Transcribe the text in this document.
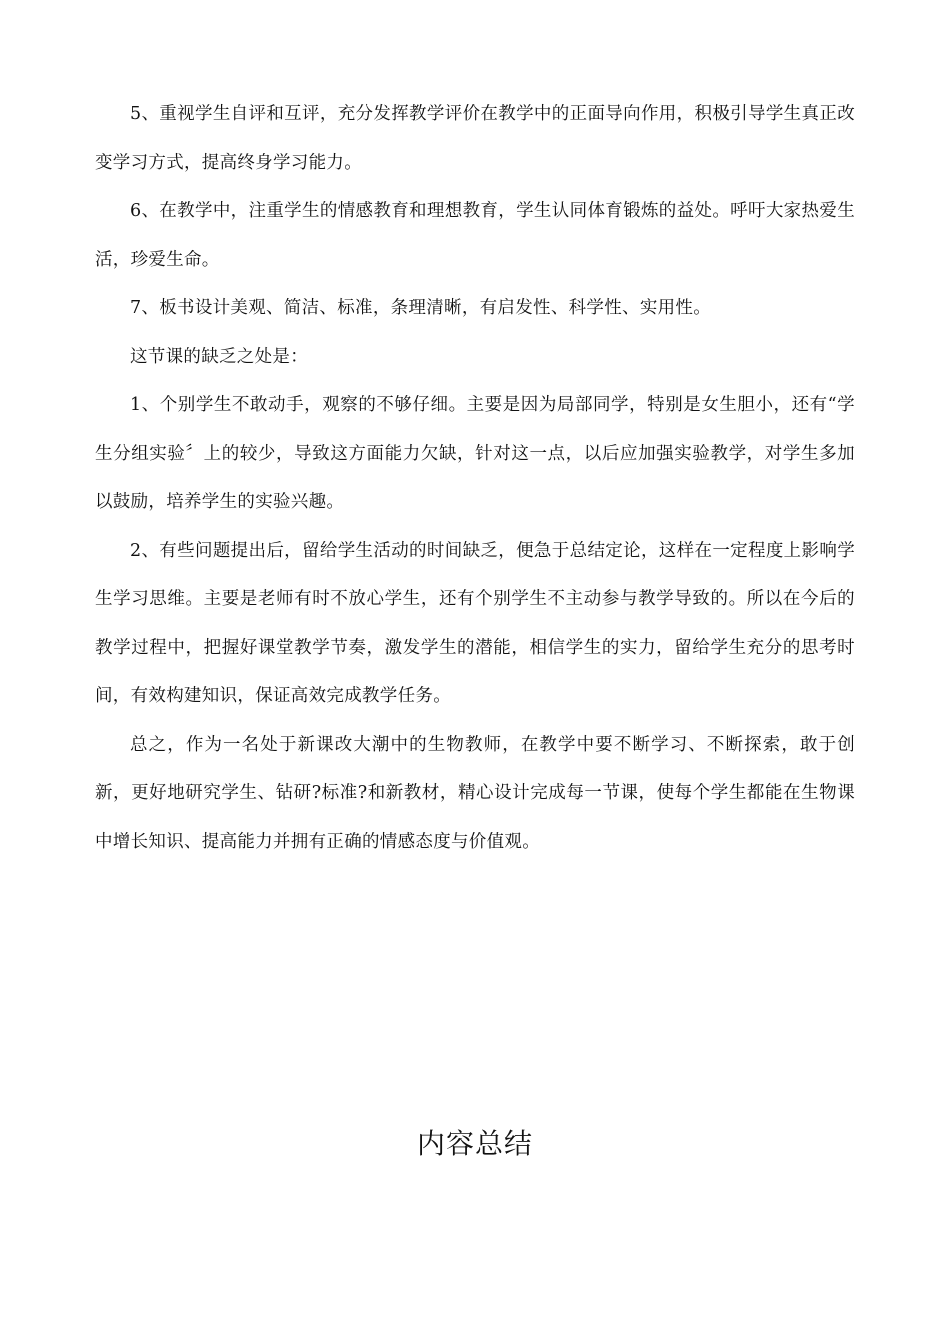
5、重视学生自评和互评，充分发挥教学评价在教学中的正面导向作用，积极引导学生真正改变学习方式，提高终身学习能力。

6、在教学中，注重学生的情感教育和理想教育，学生认同体育锻炼的益处。呼吁大家热爱生活，珍爱生命。

7、板书设计美观、简洁、标准，条理清晰，有启发性、科学性、实用性。

这节课的缺乏之处是：

1、个别学生不敢动手，观察的不够仔细。主要是因为局部同学，特别是女生胆小，还有“学生分组实验〞上的较少，导致这方面能力欠缺，针对这一点，以后应加强实验教学，对学生多加以鼓励，培养学生的实验兴趣。

2、有些问题提出后，留给学生活动的时间缺乏，便急于总结定论，这样在一定程度上影响学生学习思维。主要是老师有时不放心学生，还有个别学生不主动参与教学导致的。所以在今后的教学过程中，把握好课堂教学节奏，激发学生的潜能，相信学生的实力，留给学生充分的思考时间，有效构建知识，保证高效完成教学任务。

总之，作为一名处于新课改大潮中的生物教师，在教学中要不断学习、不断探索，敢于创新，更好地研究学生、钻研?标准?和新教材，精心设计完成每一节课，使每个学生都能在生物课中增长知识、提高能力并拥有正确的情感态度与价值观。

内容总结
